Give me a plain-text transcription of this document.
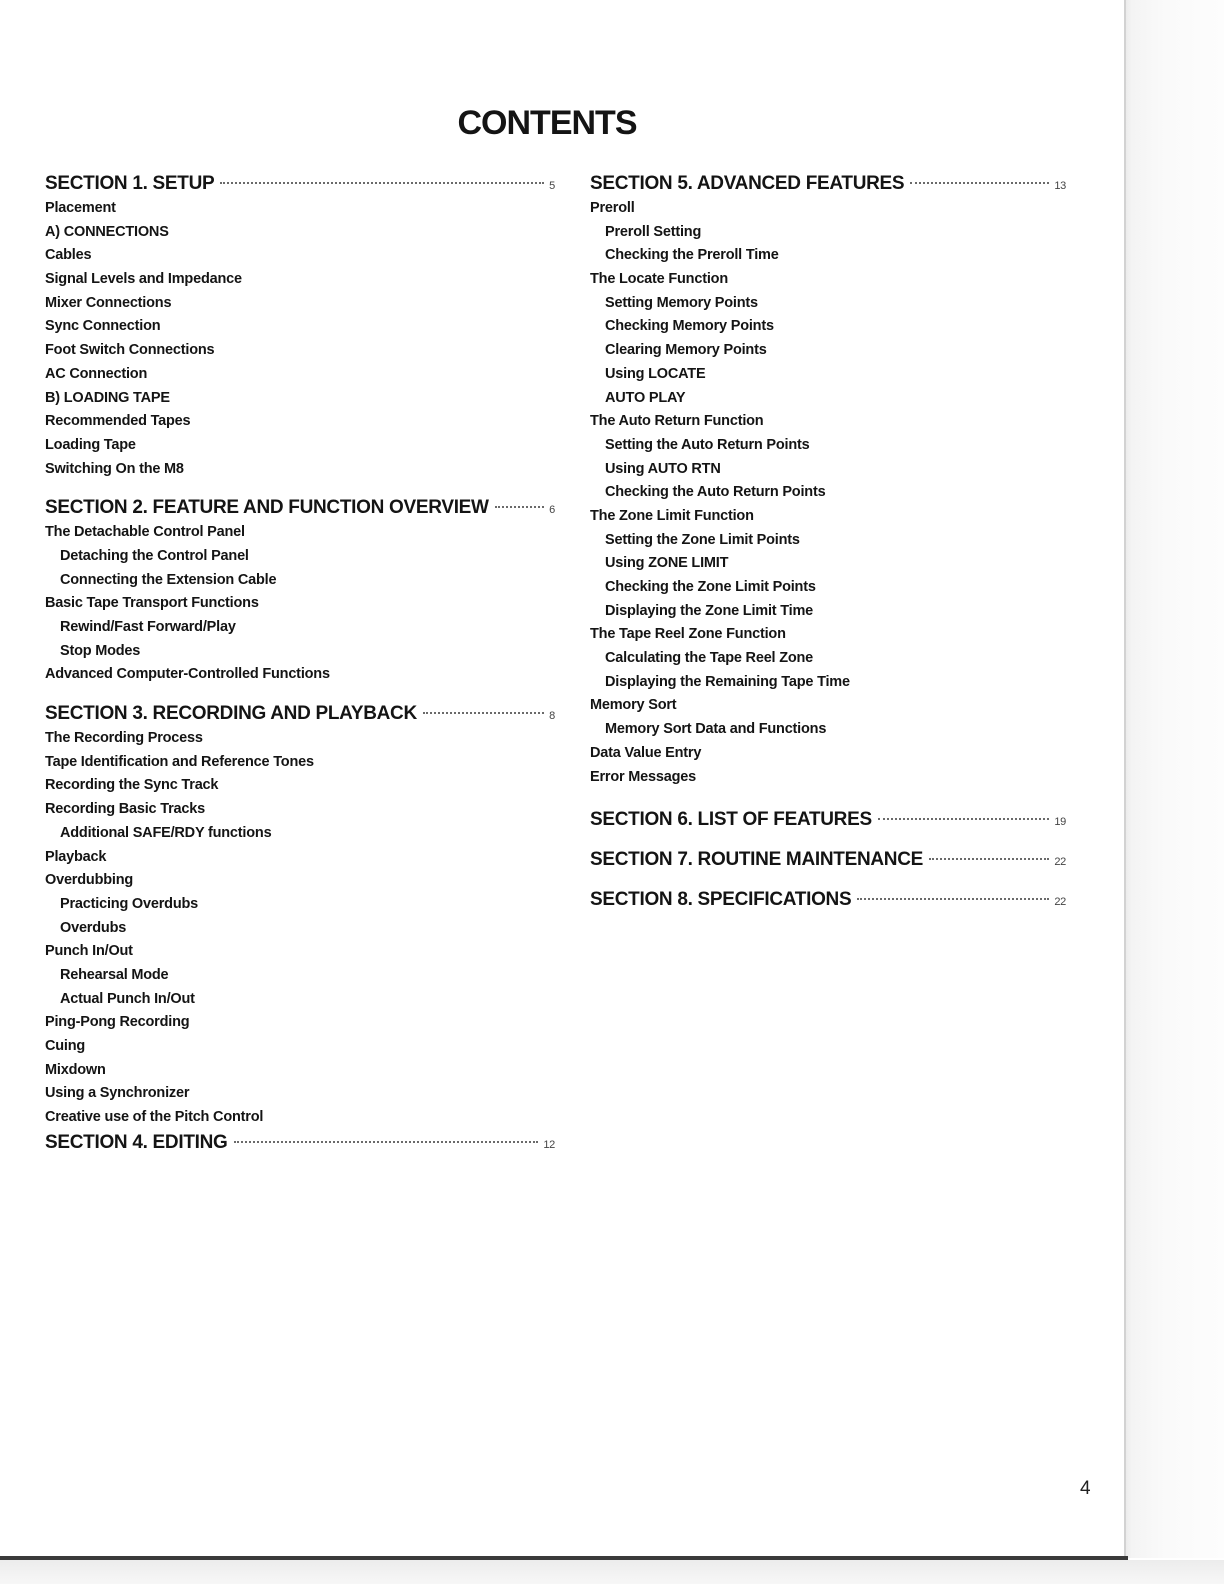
CONTENTS
SECTION 1. SETUP	5
Placement
A) CONNECTIONS
Cables
Signal Levels and Impedance
Mixer Connections
Sync Connection
Foot Switch Connections
AC Connection
B) LOADING TAPE
Recommended Tapes
Loading Tape
Switching On the M8
SECTION 2. FEATURE AND FUNCTION OVERVIEW	6
The Detachable Control Panel
Detaching the Control Panel
Connecting the Extension Cable
Basic Tape Transport Functions
Rewind/Fast Forward/Play
Stop Modes
Advanced Computer-Controlled Functions
SECTION 3. RECORDING AND PLAYBACK	8
The Recording Process
Tape Identification and Reference Tones
Recording the Sync Track
Recording Basic Tracks
Additional SAFE/RDY functions
Playback
Overdubbing
Practicing Overdubs
Overdubs
Punch In/Out
Rehearsal Mode
Actual Punch In/Out
Ping-Pong Recording
Cuing
Mixdown
Using a Synchronizer
Creative use of the Pitch Control
SECTION 4. EDITING	12
SECTION 5. ADVANCED FEATURES	13
Preroll
Preroll Setting
Checking the Preroll Time
The Locate Function
Setting Memory Points
Checking Memory Points
Clearing Memory Points
Using LOCATE
AUTO PLAY
The Auto Return Function
Setting the Auto Return Points
Using AUTO RTN
Checking the Auto Return Points
The Zone Limit Function
Setting the Zone Limit Points
Using ZONE LIMIT
Checking the Zone Limit Points
Displaying the Zone Limit Time
The Tape Reel Zone Function
Calculating the Tape Reel Zone
Displaying the Remaining Tape Time
Memory Sort
Memory Sort Data and Functions
Data Value Entry
Error Messages
SECTION 6. LIST OF FEATURES	19
SECTION 7. ROUTINE MAINTENANCE	22
SECTION 8. SPECIFICATIONS	22
4
